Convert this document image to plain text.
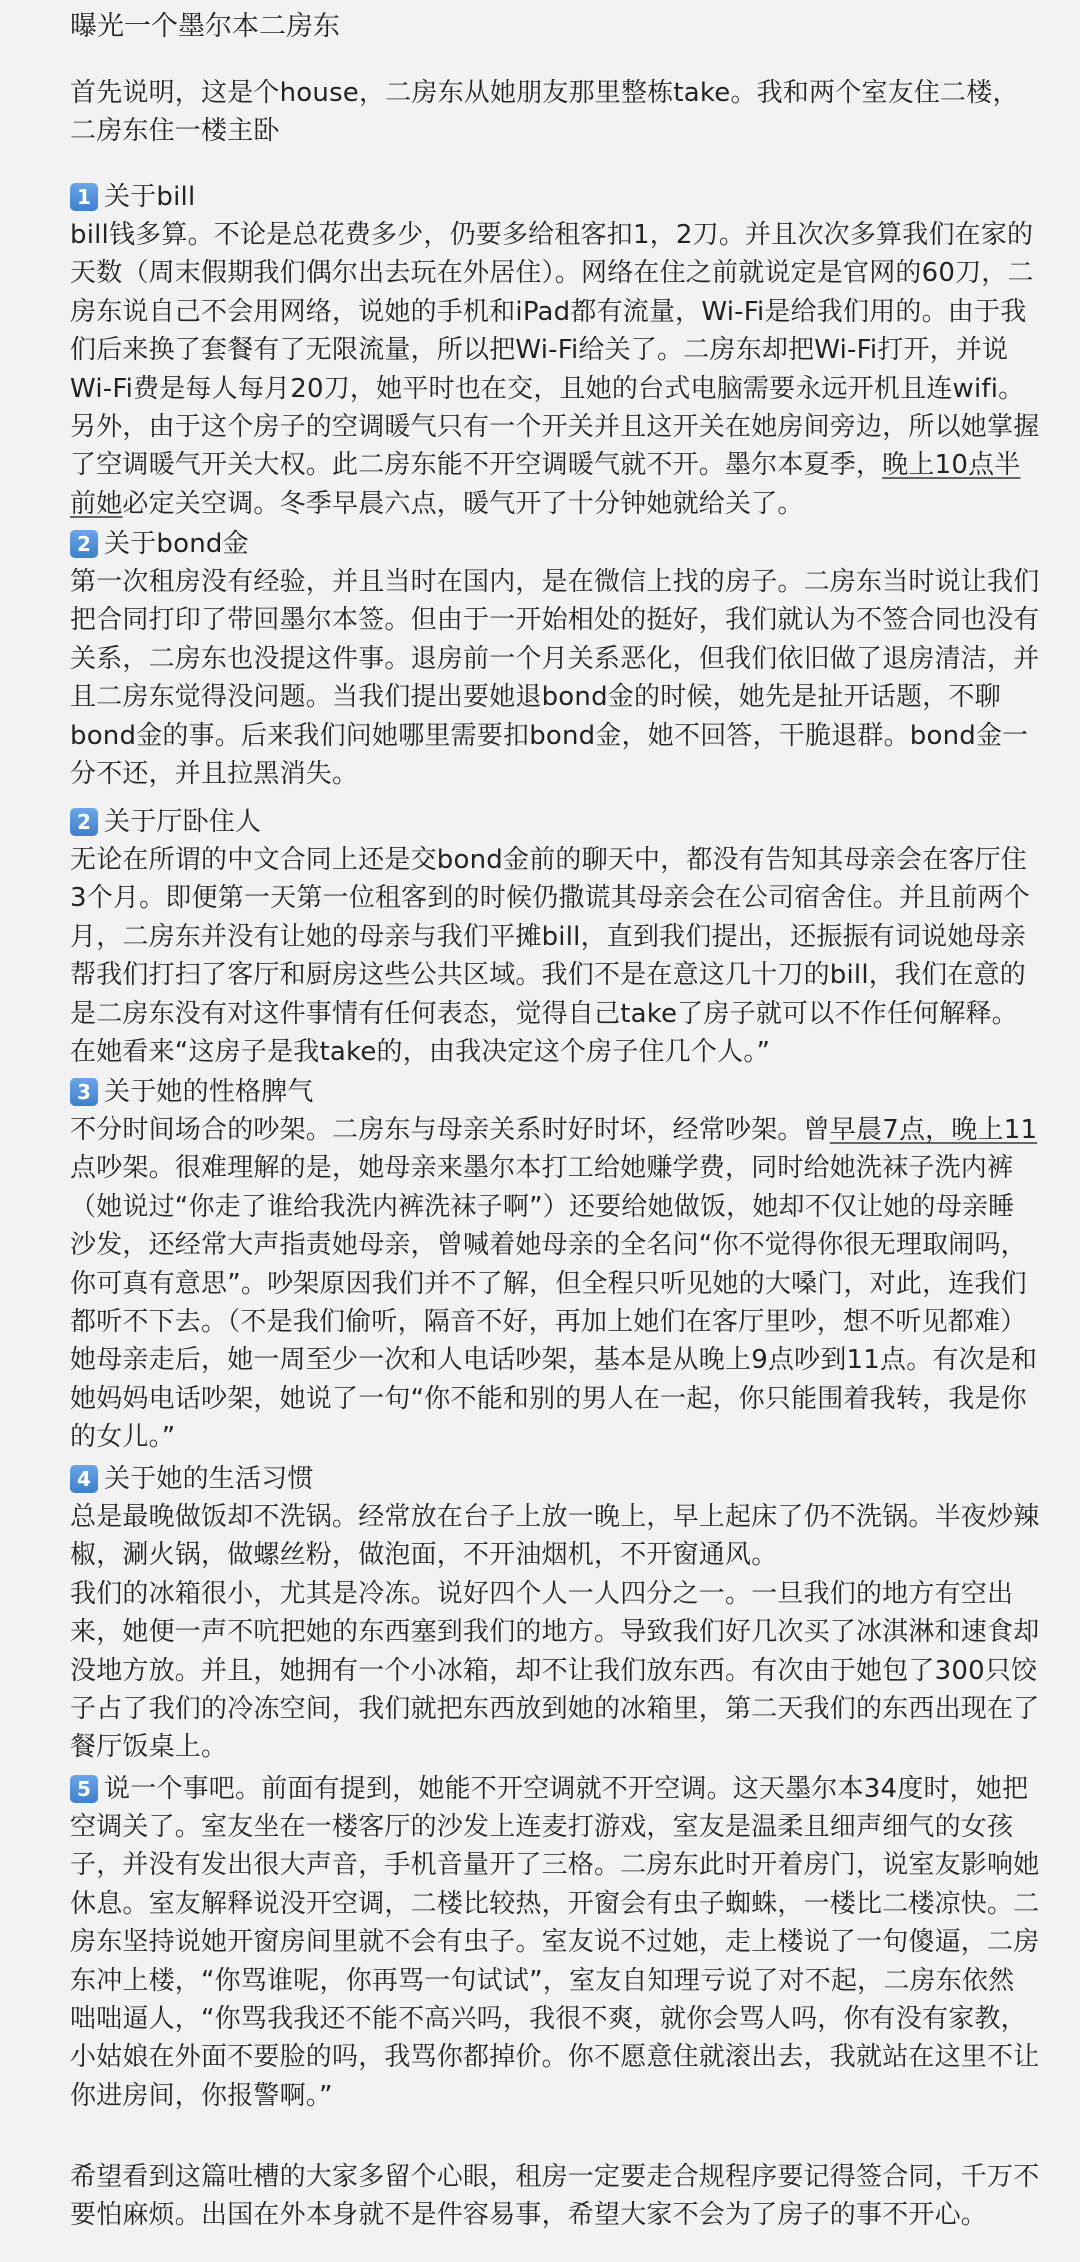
曝光一个墨尔本二房东

首先说明，这是个house，二房东从她朋友那里整栋take。我和两个室友住二楼，二房东住一楼主卧

1 关于bill

bill钱多算。不论是总花费多少，仍要多给租客扣1，2刀。并且次次多算我们在家的天数（周末假期我们偶尔出去玩在外居住）。网络在住之前就说定是官网的60刀，二房东说自己不会用网络，说她的手机和iPad都有流量，Wi-Fi是给我们用的。由于我们后来换了套餐有了无限流量，所以把Wi-Fi给关了。二房东却把Wi-Fi打开，并说Wi-Fi费是每人每月20刀，她平时也在交，且她的台式电脑需要永远开机且连wifi。另外，由于这个房子的空调暖气只有一个开关并且这开关在她房间旁边，所以她掌握了空调暖气开关大权。此二房东能不开空调暖气就不开。墨尔本夏季，晚上10点半前她必定关空调。冬季早晨六点，暖气开了十分钟她就给关了。

2 关于bond金

第一次租房没有经验，并且当时在国内，是在微信上找的房子。二房东当时说让我们把合同打印了带回墨尔本签。但由于一开始相处的挺好，我们就认为不签合同也没有关系，二房东也没提这件事。退房前一个月关系恶化，但我们依旧做了退房清洁，并且二房东觉得没问题。当我们提出要她退bond金的时候，她先是扯开话题，不聊bond金的事。后来我们问她哪里需要扣bond金，她不回答，干脆退群。bond金一分不还，并且拉黑消失。

2 关于厅卧住人

无论在所谓的中文合同上还是交bond金前的聊天中，都没有告知其母亲会在客厅住3个月。即便第一天第一位租客到的时候仍撒谎其母亲会在公司宿舍住。并且前两个月，二房东并没有让她的母亲与我们平摊bill，直到我们提出，还振振有词说她母亲帮我们打扫了客厅和厨房这些公共区域。我们不是在意这几十刀的bill，我们在意的是二房东没有对这件事情有任何表态，觉得自己take了房子就可以不作任何解释。在她看来“这房子是我take的，由我决定这个房子住几个人。”

3 关于她的性格脾气

不分时间场合的吵架。二房东与母亲关系时好时坏，经常吵架。曾早晨7点，晚上11点吵架。很难理解的是，她母亲来墨尔本打工给她赚学费，同时给她洗袜子洗内裤（她说过“你走了谁给我洗内裤洗袜子啊”）还要给她做饭，她却不仅让她的母亲睡沙发，还经常大声指责她母亲，曾喊着她母亲的全名问“你不觉得你很无理取闹吗，你可真有意思”。吵架原因我们并不了解，但全程只听见她的大嗓门，对此，连我们都听不下去。（不是我们偷听，隔音不好，再加上她们在客厅里吵，想不听见都难）她母亲走后，她一周至少一次和人电话吵架，基本是从晚上9点吵到11点。有次是和她妈妈电话吵架，她说了一句“你不能和别的男人在一起，你只能围着我转，我是你的女儿。”

4 关于她的生活习惯

总是最晚做饭却不洗锅。经常放在台子上放一晚上，早上起床了仍不洗锅。半夜炒辣椒，涮火锅，做螺丝粉，做泡面，不开油烟机，不开窗通风。

我们的冰箱很小，尤其是冷冻。说好四个人一人四分之一。一旦我们的地方有空出来，她便一声不吭把她的东西塞到我们的地方。导致我们好几次买了冰淇淋和速食却没地方放。并且，她拥有一个小冰箱，却不让我们放东西。有次由于她包了300只饺子占了我们的冷冻空间，我们就把东西放到她的冰箱里，第二天我们的东西出现在了餐厅饭桌上。

5 说一个事吧。前面有提到，她能不开空调就不开空调。这天墨尔本34度时，她把

空调关了。室友坐在一楼客厅的沙发上连麦打游戏，室友是温柔且细声细气的女孩子，并没有发出很大声音，手机音量开了三格。二房东此时开着房门，说室友影响她休息。室友解释说没开空调，二楼比较热，开窗会有虫子蜘蛛，一楼比二楼凉快。二房东坚持说她开窗房间里就不会有虫子。室友说不过她，走上楼说了一句傻逼，二房东冲上楼，“你骂谁呢，你再骂一句试试”，室友自知理亏说了对不起，二房东依然咄咄逼人，“你骂我我还不能不高兴吗，我很不爽，就你会骂人吗，你有没有家教，小姑娘在外面不要脸的吗，我骂你都掉价。你不愿意住就滚出去，我就站在这里不让你进房间，你报警啊。”

希望看到这篇吐槽的大家多留个心眼，租房一定要走合规程序要记得签合同，千万不要怕麻烦。出国在外本身就不是件容易事，希望大家不会为了房子的事不开心。
